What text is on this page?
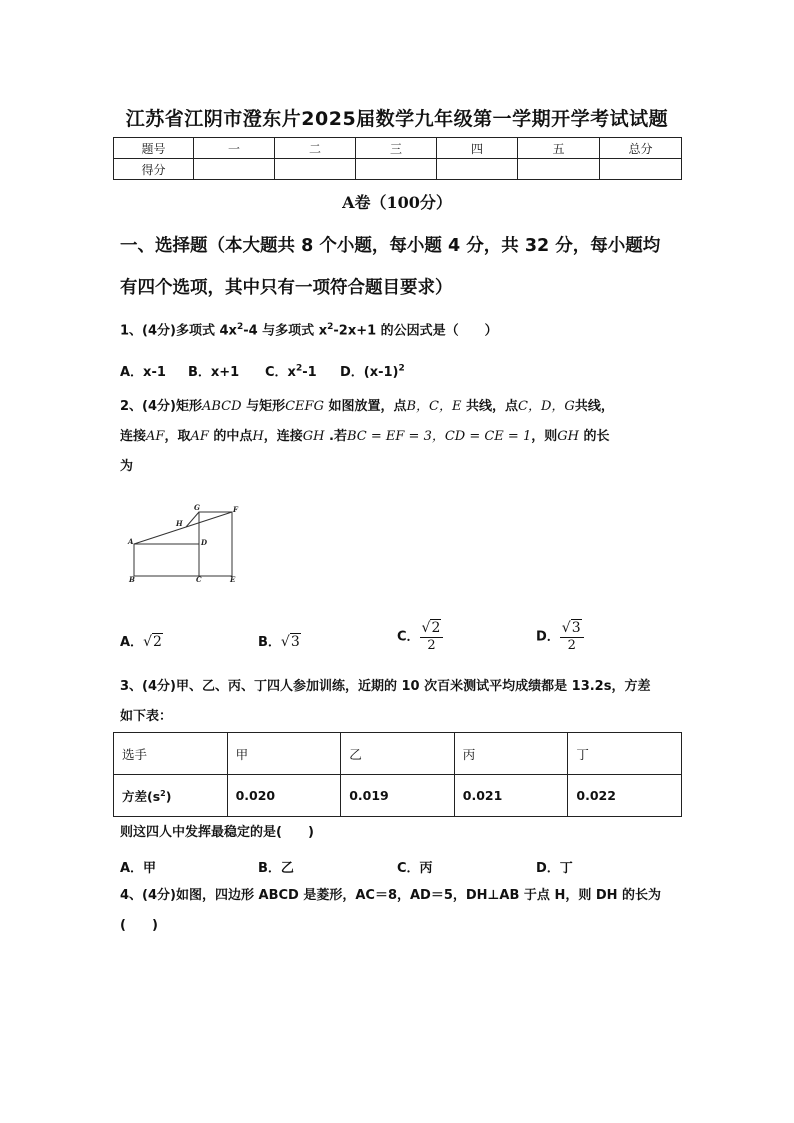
江苏省江阴市澄东片2025届数学九年级第一学期开学考试试题
题号	一	二	三	四	五	总分
得分						
A卷（100分）
一、选择题（本大题共 8 个小题，每小题 4 分，共 32 分，每小题均
有四个选项，其中只有一项符合题目要求）
1、(4分)多项式 $4x^2-4$ 与多项式 $x^2-2x+1$ 的公因式是（　　）
A．x-1 B．x+1 C．$x^2-1$ D．$(x-1)^2$
2、(4分)矩形ABCD 与矩形CEFG 如图放置，点B，C，E 共线，点C，D，G共线，
连接AF，取AF 的中点H，连接GH .若BC = EF = 3，CD = CE = 1，则GH 的长
为
G	F
H
A	D
B	C	E
A．√2	B．√3	C． $\frac{√2}{2}$	D． $\frac{√3}{2}$
3、(4分)甲、乙、丙、丁四人参加训练，近期的 10 次百米测试平均成绩都是 13.2s，方差
如下表：
选手	甲	乙	丙	丁
方差$(s^2)$	0.020	0.019	0.021	0.022
则这四人中发挥最稳定的是(　　)
A．甲	B．乙	C．丙	D．丁
4、(4分)如图，四边形 ABCD 是菱形，AC＝8，AD＝5，DH⊥AB 于点 H，则 DH 的长为
(　　)
